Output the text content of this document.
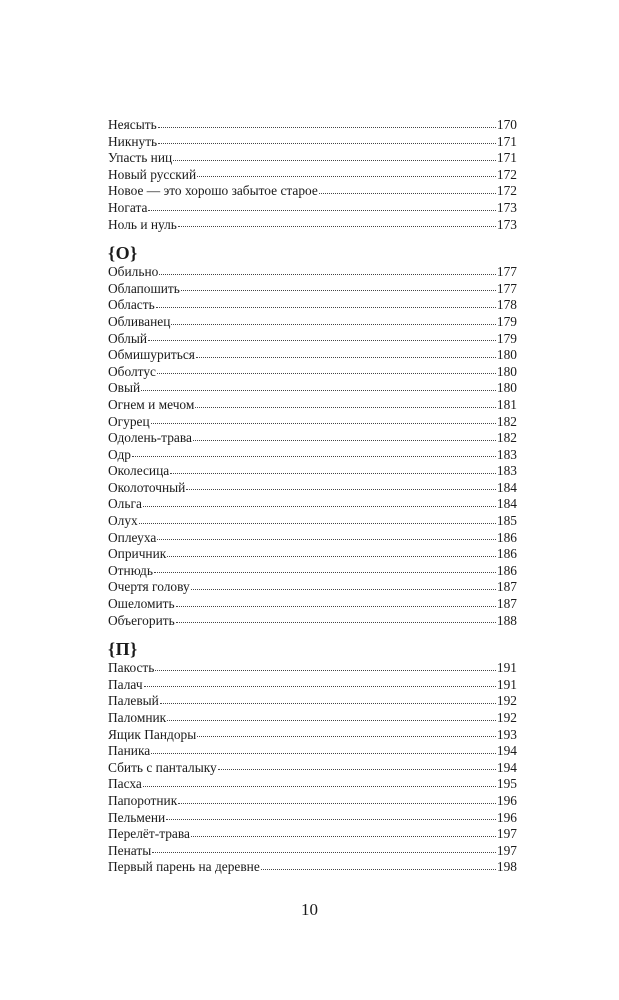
Неясыть	170
Никнуть	171
Упасть ниц	171
Новый русский	172
Новое — это хорошо забытое старое	172
Ногата	173
Ноль и нуль	173
{О}
Обильно	177
Облапошить	177
Область	178
Обливанец	179
Облый	179
Обмишуриться	180
Оболтус	180
Овый	180
Огнем и мечом	181
Огурец	182
Одолень-трава	182
Одр	183
Околесица	183
Околоточный	184
Ольга	184
Олух	185
Оплеуха	186
Опричник	186
Отнюдь	186
Очертя голову	187
Ошеломить	187
Объегорить	188
{П}
Пакость	191
Палач	191
Палевый	192
Паломник	192
Ящик Пандоры	193
Паника	194
Сбить с панталыку	194
Пасха	195
Папоротник	196
Пельмени	196
Перелёт-трава	197
Пенаты	197
Первый парень на деревне	198
10
